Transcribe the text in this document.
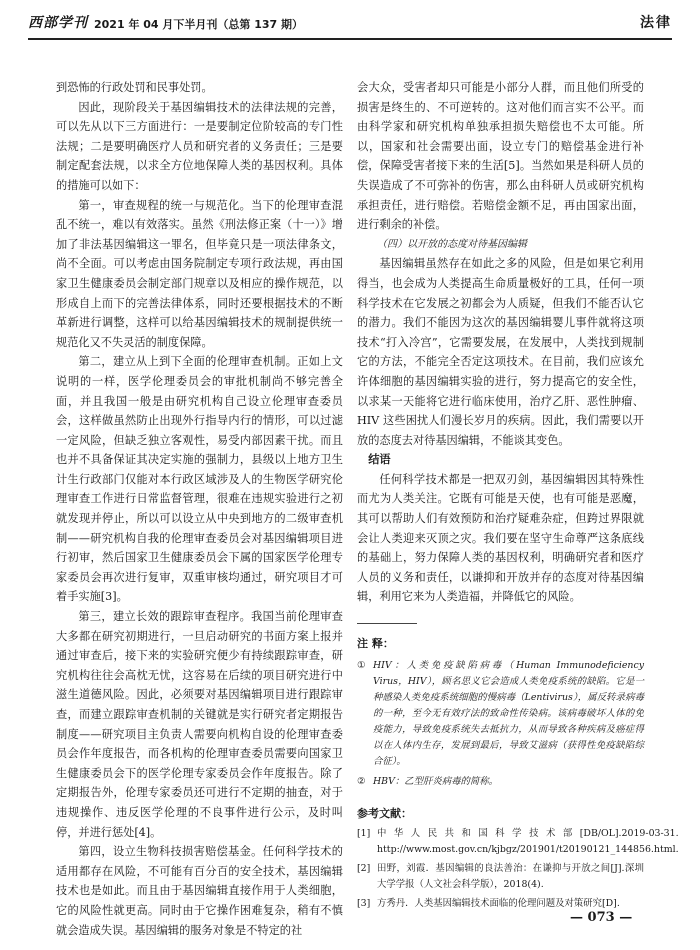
西部学刊 2021 年 04 月下半月刊（总第 137 期）	法律

到恐怖的行政处罚和民事处罚。

因此，现阶段关于基因编辑技术的法律法规的完善，可以先从以下三方面进行：一是要制定位阶较高的专门性法规；二是要明确医疗人员和研究者的义务责任；三是要制定配套法规，以求全方位地保障人类的基因权利。具体的措施可以如下：

第一，审查规程的统一与规范化。当下的伦理审查混乱不统一，难以有效落实。虽然《刑法修正案（十一）》增加了非法基因编辑这一罪名，但毕竟只是一项法律条文，尚不全面。可以考虑由国务院制定专项行政法规，再由国家卫生健康委员会制定部门规章以及相应的操作规范，以形成自上而下的完善法律体系，同时还要根据技术的不断革新进行调整，这样可以给基因编辑技术的规制提供统一规范化又不失灵活的制度保障。

第二，建立从上到下全面的伦理审查机制。正如上文说明的一样，医学伦理委员会的审批机制尚不够完善全面，并且我国一般是由研究机构自己设立伦理审查委员会，这样做虽然防止出现外行指导内行的情形，可以过滤一定风险，但缺乏独立客观性，易受内部因素干扰。而且也并不具备保证其决定实施的强制力，县级以上地方卫生计生行政部门仅能对本行政区域涉及人的生物医学研究伦理审查工作进行日常监督管理，很难在违规实验进行之初就发现并停止，所以可以设立从中央到地方的二级审查机制——研究机构自我的伦理审查委员会对基因编辑项目进行初审，然后国家卫生健康委员会下属的国家医学伦理专家委员会再次进行复审，双重审核均通过，研究项目才可着手实施[3]。

第三，建立长效的跟踪审查程序。我国当前伦理审查大多都在研究初期进行，一旦启动研究的书面方案上报并通过审查后，接下来的实验研究便少有持续跟踪审查，研究机构往往会高枕无忧，这容易在后续的项目研究进行中滋生道德风险。因此，必须要对基因编辑项目进行跟踪审查，而建立跟踪审查机制的关键就是实行研究者定期报告制度——研究项目主负责人需要向机构自设的伦理审查委员会作年度报告，而各机构的伦理审查委员需要向国家卫生健康委员会下的医学伦理专家委员会作年度报告。除了定期报告外，伦理专家委员还可进行不定期的抽查，对于违规操作、违反医学伦理的不良事件进行公示，及时叫停，并进行惩处[4]。

第四，设立生物科技损害赔偿基金。任何科学技术的适用都存在风险，不可能有百分百的安全技术，基因编辑技术也是如此。而且由于基因编辑直接作用于人类细胞，它的风险性就更高。同时由于它操作困难复杂，稍有不慎就会造成失误。基因编辑的服务对象是不特定的社

会大众，受害者却只可能是小部分人群，而且他们所受的损害是终生的、不可逆转的。这对他们而言实不公平。而由科学家和研究机构单独承担损失赔偿也不太可能。所以，国家和社会需要出面，设立专门的赔偿基金进行补偿，保障受害者接下来的生活[5]。当然如果是科研人员的失误造成了不可弥补的伤害，那么由科研人员或研究机构承担责任，进行赔偿。若赔偿金额不足，再由国家出面，进行剩余的补偿。

（四）以开放的态度对待基因编辑

基因编辑虽然存在如此之多的风险，但是如果它利用得当，也会成为人类提高生命质量极好的工具，任何一项科学技术在它发展之初都会为人质疑，但我们不能否认它的潜力。我们不能因为这次的基因编辑婴儿事件就将这项技术“打入冷宫”，它需要发展，在发展中，人类找到规制它的方法，不能完全否定这项技术。在目前，我们应该允许体细胞的基因编辑实验的进行，努力提高它的安全性，以求某一天能将它进行临床使用，治疗乙肝、恶性肿瘤、HIV 这些困扰人们漫长岁月的疾病。因此，我们需要以开放的态度去对待基因编辑，不能谈其变色。

结语

任何科学技术都是一把双刃剑，基因编辑因其特殊性而尤为人类关注。它既有可能是天使，也有可能是恶魔，其可以帮助人们有效预防和治疗疑难杂症，但跨过界限就会让人类迎来灭顶之灾。我们要在坚守生命尊严这条底线的基础上，努力保障人类的基因权利，明确研究者和医疗人员的义务和责任，以谦抑和开放并存的态度对待基因编辑，利用它来为人类造福，并降低它的风险。

注 释：
① HIV：人类免疫缺陷病毒（Human Immunodeficiency Virus，HIV），顾名思义它会造成人类免疫系统的缺陷。它是一种感染人类免疫系统细胞的慢病毒（Lentivirus），属反转录病毒的一种，至今无有效疗法的致命性传染病。该病毒破坏人体的免疫能力，导致免疫系统失去抵抗力，从而导致各种疾病及癌症得以在人体内生存，发展到最后，导致艾滋病（获得性免疫缺陷综合征）。
② HBV：乙型肝炎病毒的简称。
参考文献：
[1] 中华人民共和国科学技术部[DB/OL].2019-03-31. http://www.most.gov.cn/kjbgz/201901/t20190121_144856.html.
[2] 田野，刘霞．基因编辑的良法善治：在谦抑与开放之间[J].深圳大学学报（人文社会科学版），2018(4).
[3] 方秀丹．人类基因编辑技术面临的伦理问题及对策研究[D].
— 073 —
